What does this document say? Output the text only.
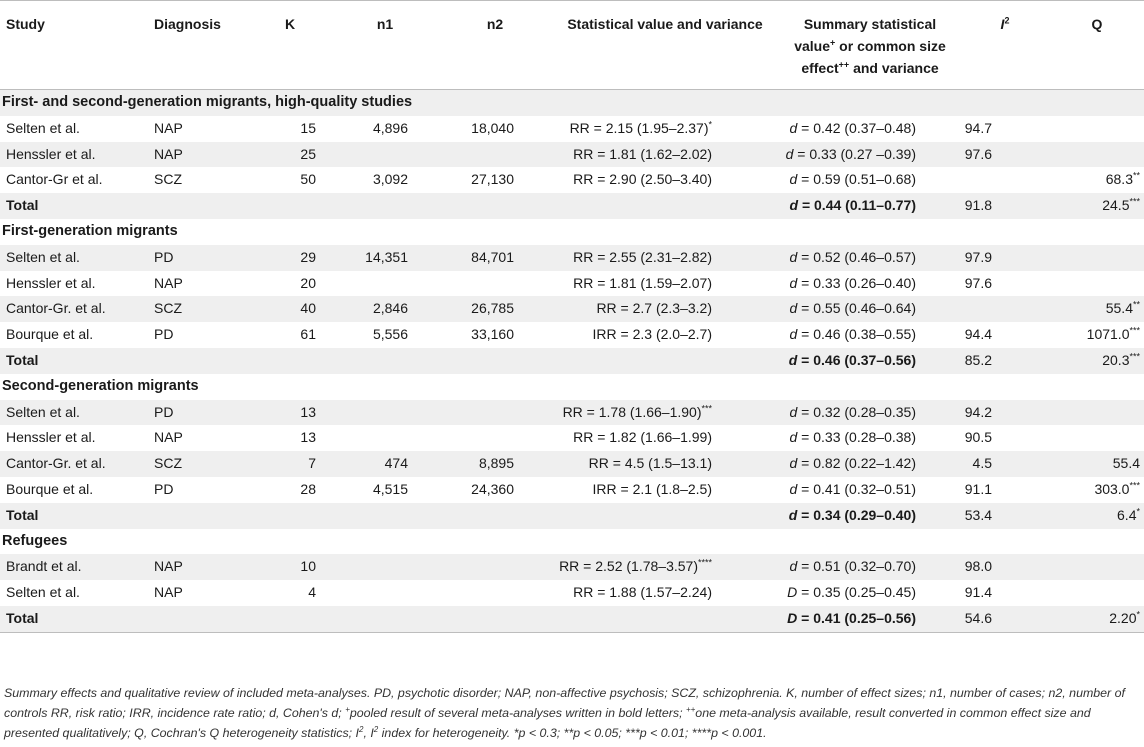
Study	Diagnosis	K	n1	n2	Statistical value and variance	Summary statistical value+ or common size effect++ and variance	$I^2$	Q
First- and second-generation migrants, high-quality studies								
Selten et al.	NAP	15	4,896	18,040	RR = 2.15 (1.95–2.37)*	d = 0.42 (0.37–0.48)	94.7	
Henssler et al.	NAP	25			RR = 1.81 (1.62–2.02)	d = 0.33 (0.27 –0.39)	97.6	
Cantor-Gr et al.	SCZ	50	3,092	27,130	RR = 2.90 (2.50–3.40)	d = 0.59 (0.51–0.68)		68.3**
Total						d = 0.44 (0.11–0.77)	91.8	24.5***
First-generation migrants								
Selten et al.	PD	29	14,351	84,701	RR = 2.55 (2.31–2.82)	d = 0.52 (0.46–0.57)	97.9	
Henssler et al.	NAP	20			RR = 1.81 (1.59–2.07)	d = 0.33 (0.26–0.40)	97.6	
Cantor-Gr. et al.	SCZ	40	2,846	26,785	RR = 2.7 (2.3–3.2)	d = 0.55 (0.46–0.64)		55.4**
Bourque et al.	PD	61	5,556	33,160	IRR = 2.3 (2.0–2.7)	d = 0.46 (0.38–0.55)	94.4	1071.0***
Total						d = 0.46 (0.37–0.56)	85.2	20.3***
Second-generation migrants								
Selten et al.	PD	13			RR = 1.78 (1.66–1.90)***	d = 0.32 (0.28–0.35)	94.2	
Henssler et al.	NAP	13			RR = 1.82 (1.66–1.99)	d = 0.33 (0.28–0.38)	90.5	
Cantor-Gr. et al.	SCZ	7	474	8,895	RR = 4.5 (1.5–13.1)	d = 0.82 (0.22–1.42)	4.5	55.4
Bourque et al.	PD	28	4,515	24,360	IRR = 2.1 (1.8–2.5)	d = 0.41 (0.32–0.51)	91.1	303.0***
Total						d = 0.34 (0.29–0.40)	53.4	6.4*
Refugees								
Brandt et al.	NAP	10			RR = 2.52 (1.78–3.57)****	d = 0.51 (0.32–0.70)	98.0	
Selten et al.	NAP	4			RR = 1.88 (1.57–2.24)	D = 0.35 (0.25–0.45)	91.4	
Total						D = 0.41 (0.25–0.56)	54.6	2.20*
Summary effects and qualitative review of included meta-analyses. PD, psychotic disorder; NAP, non-affective psychosis; SCZ, schizophrenia. K, number of effect sizes; n1, number of cases; n2, number of controls RR, risk ratio; IRR, incidence rate ratio; d, Cohen's d; +pooled result of several meta-analyses written in bold letters; ++one meta-analysis available, result converted in common effect size and presented qualitatively; Q, Cochran's Q heterogeneity statistics; $I^2$, $I^2$ index for heterogeneity. *p < 0.3; **p < 0.05; ***p < 0.01; ****p < 0.001.
